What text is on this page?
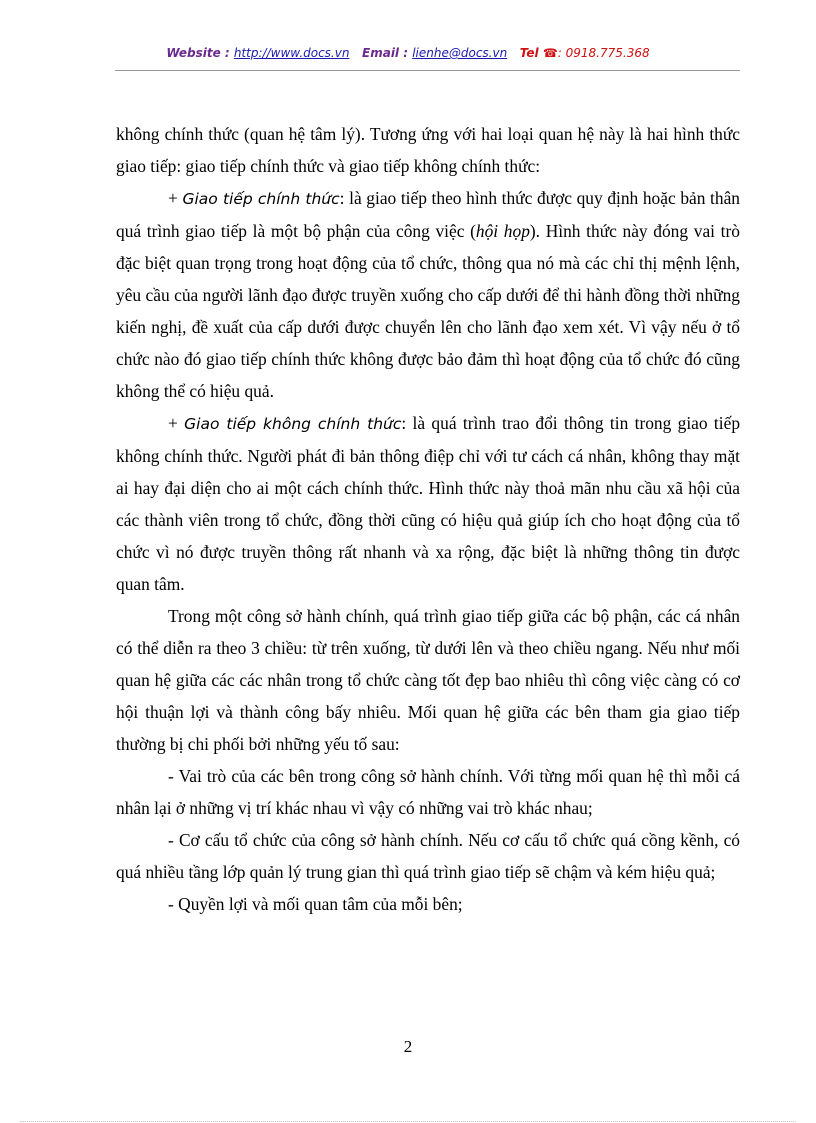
Website : http://www.docs.vn Email : lienhe@docs.vn Tel ☎: 0918.775.368

không chính thức (quan hệ tâm lý). Tương ứng với hai loại quan hệ này là hai hình thức giao tiếp: giao tiếp chính thức và giao tiếp không chính thức:

+ Giao tiếp chính thức: là giao tiếp theo hình thức được quy định hoặc bản thân quá trình giao tiếp là một bộ phận của công việc (hội họp). Hình thức này đóng vai trò đặc biệt quan trọng trong hoạt động của tổ chức, thông qua nó mà các chỉ thị mệnh lệnh, yêu cầu của người lãnh đạo được truyền xuống cho cấp dưới để thi hành đồng thời những kiến nghị, đề xuất của cấp dưới được chuyển lên cho lãnh đạo xem xét. Vì vậy nếu ở tổ chức nào đó giao tiếp chính thức không được bảo đảm thì hoạt động của tổ chức đó cũng không thể có hiệu quả.

+ Giao tiếp không chính thức: là quá trình trao đổi thông tin trong giao tiếp không chính thức. Người phát đi bản thông điệp chỉ với tư cách cá nhân, không thay mặt ai hay đại diện cho ai một cách chính thức. Hình thức này thoả mãn nhu cầu xã hội của các thành viên trong tổ chức, đồng thời cũng có hiệu quả giúp ích cho hoạt động của tổ chức vì nó được truyền thông rất nhanh và xa rộng, đặc biệt là những thông tin được quan tâm.

Trong một công sở hành chính, quá trình giao tiếp giữa các bộ phận, các cá nhân có thể diễn ra theo 3 chiều: từ trên xuống, từ dưới lên và theo chiều ngang. Nếu như mối quan hệ giữa các các nhân trong tổ chức càng tốt đẹp bao nhiêu thì công việc càng có cơ hội thuận lợi và thành công bấy nhiêu. Mối quan hệ giữa các bên tham gia giao tiếp thường bị chi phối bởi những yếu tố sau:

- Vai trò của các bên trong công sở hành chính. Với từng mối quan hệ thì mỗi cá nhân lại ở những vị trí khác nhau vì vậy có những vai trò khác nhau;

- Cơ cấu tổ chức của công sở hành chính. Nếu cơ cấu tổ chức quá cồng kềnh, có quá nhiều tầng lớp quản lý trung gian thì quá trình giao tiếp sẽ chậm và kém hiệu quả;

- Quyền lợi và mối quan tâm của mỗi bên;

2
